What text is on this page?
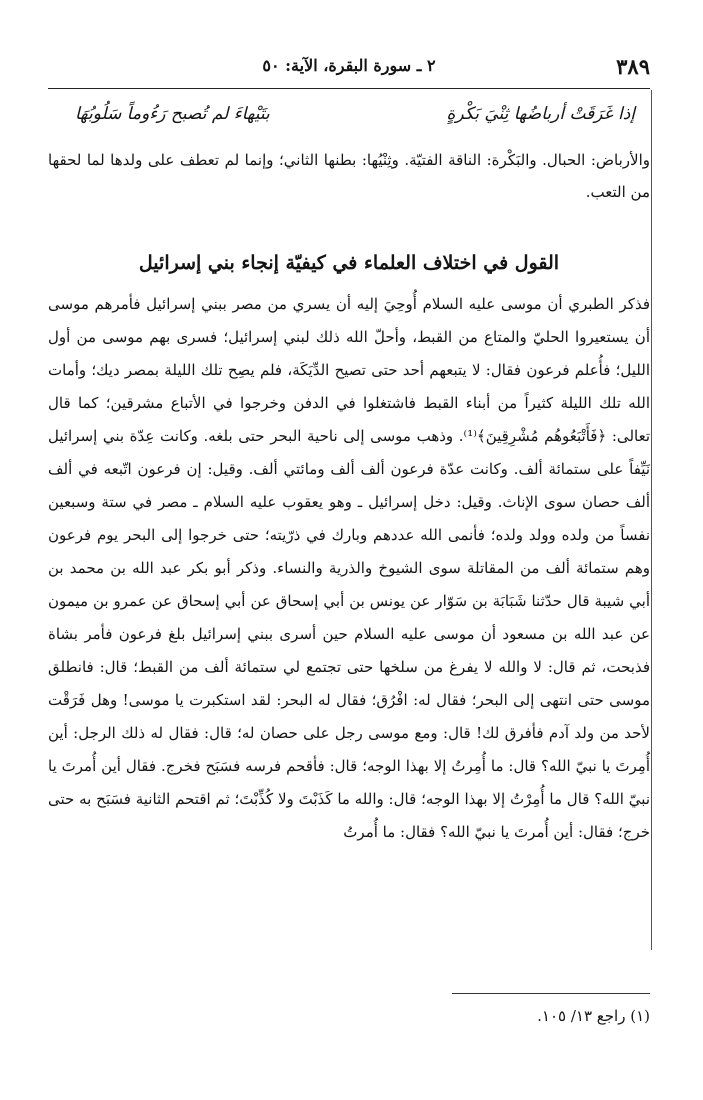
٣٨٩
٢ ـ سورة البقرة، الآية: ٥٠
إذا غَرَقَتْ أرباضُها ثِنْيَ بَكْرةٍ
بتَيْهاءَ لم تُصبح رَءُوماً سَلُوبُهَا

والأرباض: الحبال. والبَكْرة: الناقة الفتيّة. وثِنْيُها: بطنها الثاني؛ وإنما لم تعطف على ولدها لما لحقها من التعب.

القول في اختلاف العلماء في كيفيّة إنجاء بني إسرائيل

فذكر الطبري أن موسى عليه السلام أُوحِيَ إليه أن يسري من مصر ببني إسرائيل فأمرهم موسى أن يستعيروا الحليّ والمتاع من القبط، وأحلّ الله ذلك لبني إسرائيل؛ فسرى بهم موسى من أول الليل؛ فأُعلم فرعون فقال: لا يتبعهم أحد حتى تصيح الدِّيَكَة، فلم يصِح تلك الليلة بمصر ديك؛ وأمات الله تلك الليلة كثيراً من أبناء القبط فاشتغلوا في الدفن وخرجوا في الأتباع مشرقين؛ كما قال تعالى: ﴿فَأَتْبَعُوهُم مُشْرِقِينَ﴾⁽¹⁾. وذهب موسى إلى ناحية البحر حتى بلغه. وكانت عِدّة بني إسرائيل نَيِّفاً على ستمائة ألف. وكانت عدّة فرعون ألف ألف ومائتي ألف. وقيل: إن فرعون اتّبعه في ألف ألف حصان سوى الإناث. وقيل: دخل إسرائيل ـ وهو يعقوب عليه السلام ـ مصر في ستة وسبعين نفساً من ولده وولد ولده؛ فأنمى الله عددهم وبارك في ذرّيته؛ حتى خرجوا إلى البحر يوم فرعون وهم ستمائة ألف من المقاتلة سوى الشيوخ والذرية والنساء. وذكر أبو بكر عبد الله بن محمد بن أبي شيبة قال حدّثنا شَبَابَة بن سَوّار عن يونس بن أبي إسحاق عن أبي إسحاق عن عمرو بن ميمون عن عبد الله بن مسعود أن موسى عليه السلام حين أسرى ببني إسرائيل بلغ فرعون فأمر بشاة فذبحت، ثم قال: لا والله لا يفرغ من سلخها حتى تجتمع لي ستمائة ألف من القبط؛ قال: فانطلق موسى حتى انتهى إلى البحر؛ فقال له: افْرُق؛ فقال له البحر: لقد استكبرت يا موسى! وهل فَرَقْت لأحد من ولد آدم فأفرق لك! قال: ومع موسى رجل على حصان له؛ قال: فقال له ذلك الرجل: أين أُمِرتَ يا نبيّ الله؟ قال: ما أُمِرتُ إلا بهذا الوجه؛ قال: فأقحم فرسه فسَبَح فخرج. فقال أين أُمرتَ يا نبيّ الله؟ قال ما أُمِرْتُ إلا بهذا الوجه؛ قال: والله ما كَذَبْتَ ولا كُذِّبْتَ؛ ثم اقتحم الثانية فسَبَح به حتى خرج؛ فقال: أين أُمرتَ يا نبيّ الله؟ فقال: ما أُمرتُ

(١) راجع ١٣/ ١٠٥.
